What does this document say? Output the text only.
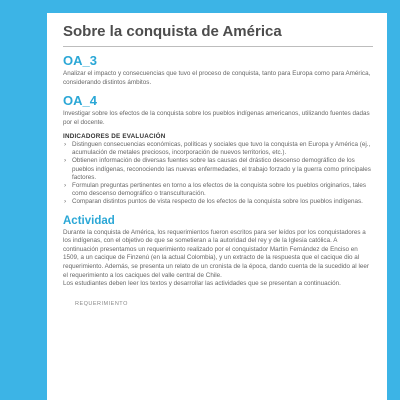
Sobre la conquista de América

OA_3

Analizar el impacto y consecuencias que tuvo el proceso de conquista, tanto para Europa como para América, considerando distintos ámbitos.

OA_4

Investigar sobre los efectos de la conquista sobre los pueblos indígenas americanos, utilizando fuentes dadas por el docente.

INDICADORES DE EVALUACIÓN
› Distinguen consecuencias económicas, políticas y sociales que tuvo la conquista en Europa y América (ej., acumulación de metales preciosos, incorporación de nuevos territorios, etc.).
› Obtienen información de diversas fuentes sobre las causas del drástico descenso demográfico de los pueblos indígenas, reconociendo las nuevas enfermedades, el trabajo forzado y la guerra como principales factores.
› Formulan preguntas pertinentes en torno a los efectos de la conquista sobre los pueblos originarios, tales como descenso demográfico o transculturación.
› Comparan distintos puntos de vista respecto de los efectos de la conquista sobre los pueblos indígenas.
Actividad

Durante la conquista de América, los requerimientos fueron escritos para ser leídos por los conquistadores a los indígenas, con el objetivo de que se sometieran a la autoridad del rey y de la Iglesia católica. A continuación presentamos un requerimiento realizado por el conquistador Martín Fernández de Enciso en 1509, a un cacique de Finzenú (en la actual Colombia), y un extracto de la respuesta que el cacique dio al requerimiento. Además, se presenta un relato de un cronista de la época, dando cuenta de la sucedido al leer el requerimiento a los caciques del valle central de Chile.

Los estudiantes deben leer los textos y desarrollar las actividades que se presentan a continuación.

REQUERIMIENTO
